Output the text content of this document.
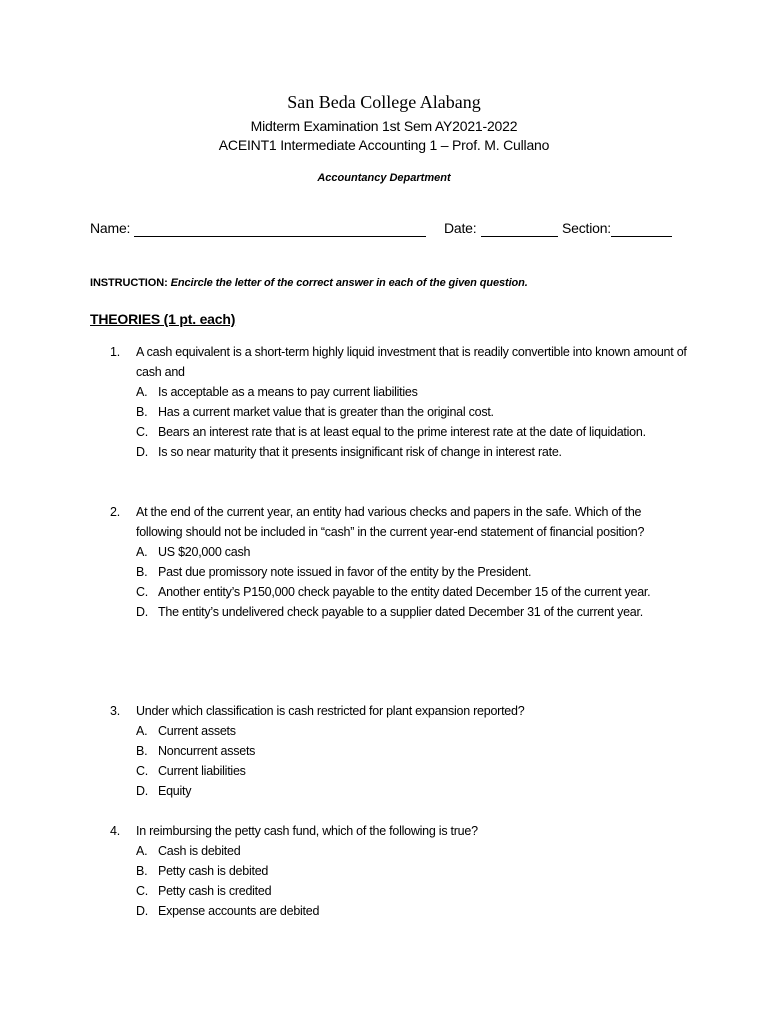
San Beda College Alabang
Midterm Examination 1st Sem AY2021-2022
ACEINT1 Intermediate Accounting 1 – Prof. M. Cullano
Accountancy Department
Name:	Date:	Section:
INSTRUCTION: Encircle the letter of the correct answer in each of the given question.
THEORIES (1 pt. each)
1.	A cash equivalent is a short-term highly liquid investment that is readily convertible into known amount of cash and
A. Is acceptable as a means to pay current liabilities
B. Has a current market value that is greater than the original cost.
C. Bears an interest rate that is at least equal to the prime interest rate at the date of liquidation.
D. Is so near maturity that it presents insignificant risk of change in interest rate.
2.	At the end of the current year, an entity had various checks and papers in the safe. Which of the following should not be included in “cash” in the current year-end statement of financial position?
A. US $20,000 cash
B. Past due promissory note issued in favor of the entity by the President.
C. Another entity’s P150,000 check payable to the entity dated December 15 of the current year.
D. The entity’s undelivered check payable to a supplier dated December 31 of the current year.
3.	Under which classification is cash restricted for plant expansion reported?
A. Current assets
B. Noncurrent assets
C. Current liabilities
D. Equity
4.	In reimbursing the petty cash fund, which of the following is true?
A. Cash is debited
B. Petty cash is debited
C. Petty cash is credited
D. Expense accounts are debited
